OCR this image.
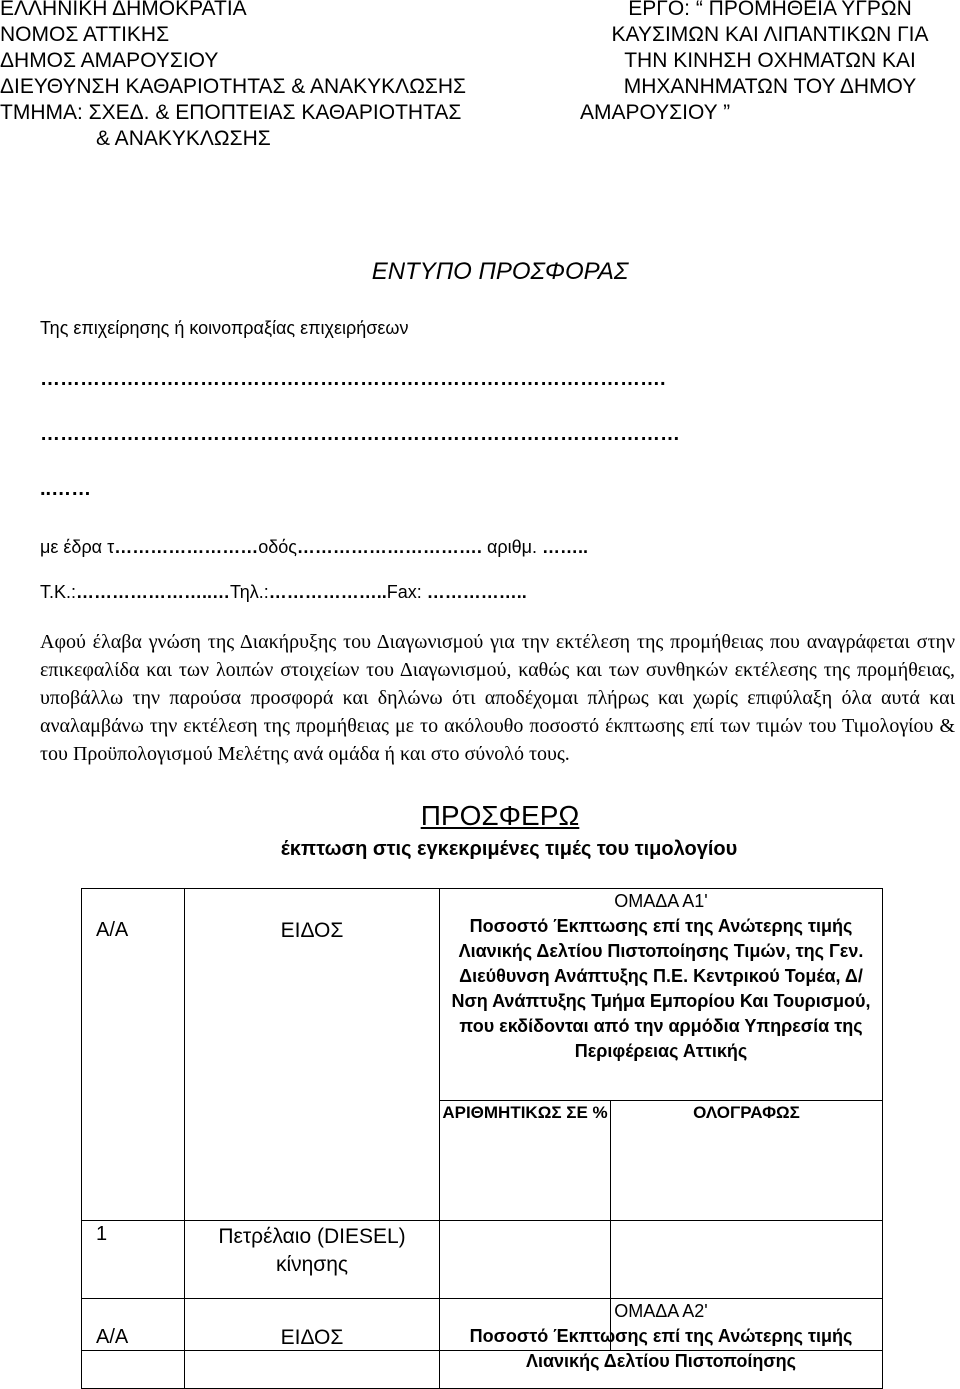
ΕΛΛΗΝΙΚΗ ΔΗΜΟΚΡΑΤΙΑ
ΝΟΜΟΣ ΑΤΤΙΚΗΣ
ΔΗΜΟΣ ΑΜΑΡΟΥΣΙΟΥ
ΔΙΕΥΘΥΝΣΗ ΚΑΘΑΡΙΟΤΗΤΑΣ & ΑΝΑΚΥΚΛΩΣΗΣ
ΤΜΗΜΑ: ΣΧΕΔ. & ΕΠΟΠΤΕΙΑΣ ΚΑΘΑΡΙΟΤΗΤΑΣ
& ΑΝΑΚΥΚΛΩΣΗΣ
ΕΡΓΟ: “ ΠΡΟΜΗΘΕΙΑ ΥΓΡΩΝ
ΚΑΥΣΙΜΩΝ ΚΑΙ ΛΙΠΑΝΤΙΚΩΝ ΓΙΑ
ΤΗΝ ΚΙΝΗΣΗ ΟΧΗΜΑΤΩΝ ΚΑΙ
ΜΗΧΑΝΗΜΑΤΩΝ ΤΟΥ ΔΗΜΟΥ
ΑΜΑΡΟΥΣΙΟΥ ”
ΕΝΤΥΠΟ ΠΡΟΣΦΟΡΑΣ
Της επιχείρησης ή κοινοπραξίας επιχειρήσεων
………………………………………………………………………………….
……………………………………………………………………………………
..……
με έδρα τ……………………οδός…………………………. αριθμ. ……..
Τ.Κ.:…………………..…Τηλ.:………………..Fax: ……………..
Αφού έλαβα γνώση της Διακήρυξης του Διαγωνισμού για την εκτέλεση της προμήθειας που αναγράφεται στην επικεφαλίδα και των λοιπών στοιχείων του Διαγωνισμού, καθώς και των συνθηκών εκτέλεσης της προμήθειας, υποβάλλω την παρούσα προσφορά και δηλώνω ότι αποδέχομαι πλήρως και χωρίς επιφύλαξη όλα αυτά και αναλαμβάνω την εκτέλεση της προμήθειας με το ακόλουθο ποσοστό έκπτωσης επί των τιμών του Τιμολογίου & του Προϋπολογισμού Μελέτης ανά ομάδα ή και στο σύνολό τους.
ΠΡΟΣΦΕΡΩ
έκπτωση στις εγκεκριμένες τιμές του τιμολογίου
Α/Α	ΕΙΔΟΣ	ΟΜΑΔΑ Α1'
Ποσοστό Έκπτωσης επί της Ανώτερης τιμής Λιανικής Δελτίου Πιστοποίησης Τιμών, της Γεν. Διεύθυνση Ανάπτυξης Π.Ε. Κεντρικού Τομέα, Δ/Νση Ανάπτυξης Τμήμα Εμπορίου Και Τουρισμού, που εκδίδονται από την αρμόδια Υπηρεσία της Περιφέρειας Αττικής	

		ΑΡΙΘΜΗΤΙΚΩΣ ΣΕ %	ΟΛΟΓΡΑΦΩΣ

1	Πετρέλαιο (DIESEL) κίνησης		

Α/Α	ΕΙΔΟΣ

ΟΜΑΔΑ Α2'
Ποσοστό Έκπτωσης επί της Ανώτερης τιμής Λιανικής Δελτίου Πιστοποίησης
